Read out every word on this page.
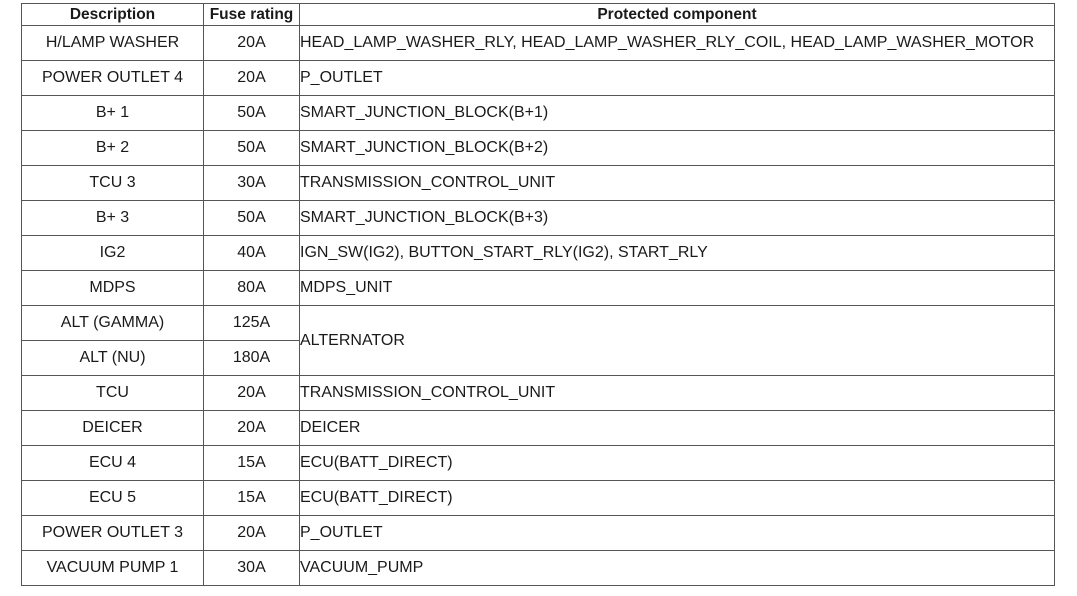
Description	Fuse rating	Protected component
H/LAMP WASHER	20A	HEAD_LAMP_WASHER_RLY, HEAD_LAMP_WASHER_RLY_COIL, HEAD_LAMP_WASHER_MOTOR
POWER OUTLET 4	20A	P_OUTLET
B+ 1	50A	SMART_JUNCTION_BLOCK(B+1)
B+ 2	50A	SMART_JUNCTION_BLOCK(B+2)
TCU 3	30A	TRANSMISSION_CONTROL_UNIT
B+ 3	50A	SMART_JUNCTION_BLOCK(B+3)
IG2	40A	IGN_SW(IG2), BUTTON_START_RLY(IG2), START_RLY
MDPS	80A	MDPS_UNIT
ALT (GAMMA)	125A	ALTERNATOR
ALT (NU)	180A	
TCU	20A	TRANSMISSION_CONTROL_UNIT
DEICER	20A	DEICER
ECU 4	15A	ECU(BATT_DIRECT)
ECU 5	15A	ECU(BATT_DIRECT)
POWER OUTLET 3	20A	P_OUTLET
VACUUM PUMP 1	30A	VACUUM_PUMP
